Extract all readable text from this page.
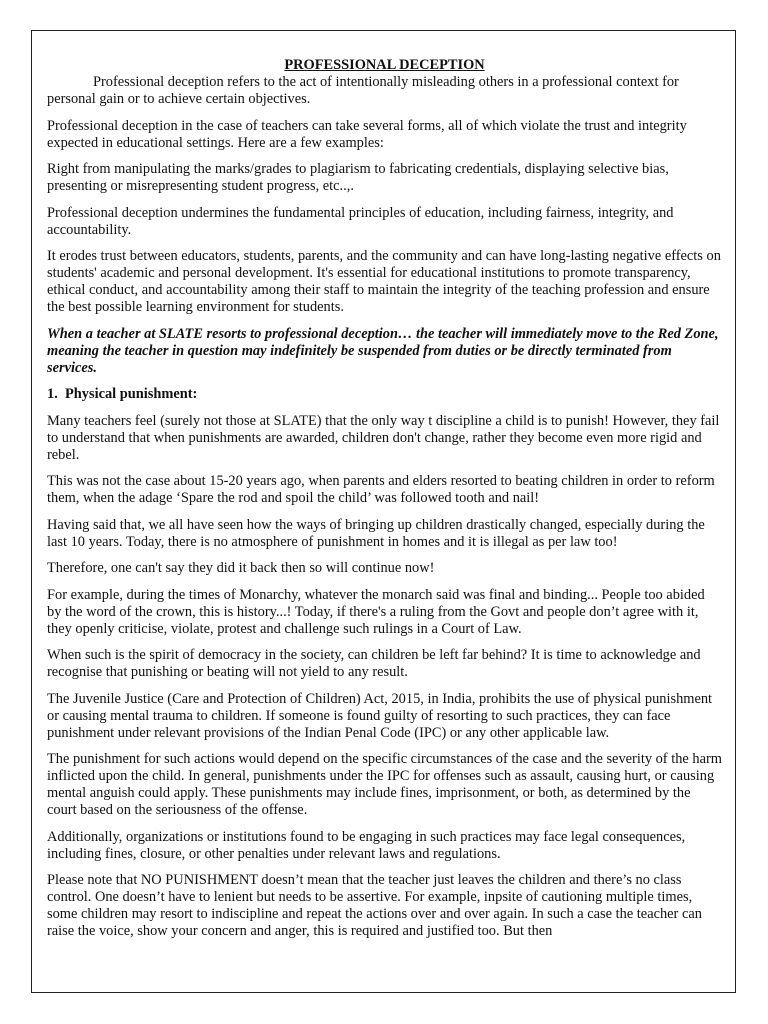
PROFESSIONAL DECEPTION

Professional deception refers to the act of intentionally misleading others in a professional context for personal gain or to achieve certain objectives.

Professional deception in the case of teachers can take several forms, all of which violate the trust and integrity expected in educational settings. Here are a few examples:

Right from manipulating the marks/grades to plagiarism to fabricating credentials, displaying selective bias, presenting or misrepresenting student progress, etc..,.

Professional deception undermines the fundamental principles of education, including fairness, integrity, and accountability.

It erodes trust between educators, students, parents, and the community and can have long-lasting negative effects on students' academic and personal development. It's essential for educational institutions to promote transparency, ethical conduct, and accountability among their staff to maintain the integrity of the teaching profession and ensure the best possible learning environment for students.

When a teacher at SLATE resorts to professional deception… the teacher will immediately move to the Red Zone, meaning the teacher in question may indefinitely be suspended from duties or be directly terminated from services.

1. Physical punishment:

Many teachers feel (surely not those at SLATE) that the only way t discipline a child is to punish! However, they fail to understand that when punishments are awarded, children don't change, rather they become even more rigid and rebel.

This was not the case about 15-20 years ago, when parents and elders resorted to beating children in order to reform them, when the adage ‘Spare the rod and spoil the child’ was followed tooth and nail!

Having said that, we all have seen how the ways of bringing up children drastically changed, especially during the last 10 years. Today, there is no atmosphere of punishment in homes and it is illegal as per law too!

Therefore, one can't say they did it back then so will continue now!

For example, during the times of Monarchy, whatever the monarch said was final and binding... People too abided by the word of the crown, this is history...! Today, if there's a ruling from the Govt and people don’t agree with it, they openly criticise, violate, protest and challenge such rulings in a Court of Law.

When such is the spirit of democracy in the society, can children be left far behind? It is time to acknowledge and recognise that punishing or beating will not yield to any result.

The Juvenile Justice (Care and Protection of Children) Act, 2015, in India, prohibits the use of physical punishment or causing mental trauma to children. If someone is found guilty of resorting to such practices, they can face punishment under relevant provisions of the Indian Penal Code (IPC) or any other applicable law.

The punishment for such actions would depend on the specific circumstances of the case and the severity of the harm inflicted upon the child. In general, punishments under the IPC for offenses such as assault, causing hurt, or causing mental anguish could apply. These punishments may include fines, imprisonment, or both, as determined by the court based on the seriousness of the offense.

Additionally, organizations or institutions found to be engaging in such practices may face legal consequences, including fines, closure, or other penalties under relevant laws and regulations.

Please note that NO PUNISHMENT doesn’t mean that the teacher just leaves the children and there’s no class control. One doesn’t have to lenient but needs to be assertive. For example, inpsite of cautioning multiple times, some children may resort to indiscipline and repeat the actions over and over again. In such a case the teacher can raise the voice, show your concern and anger, this is required and justified too. But then
